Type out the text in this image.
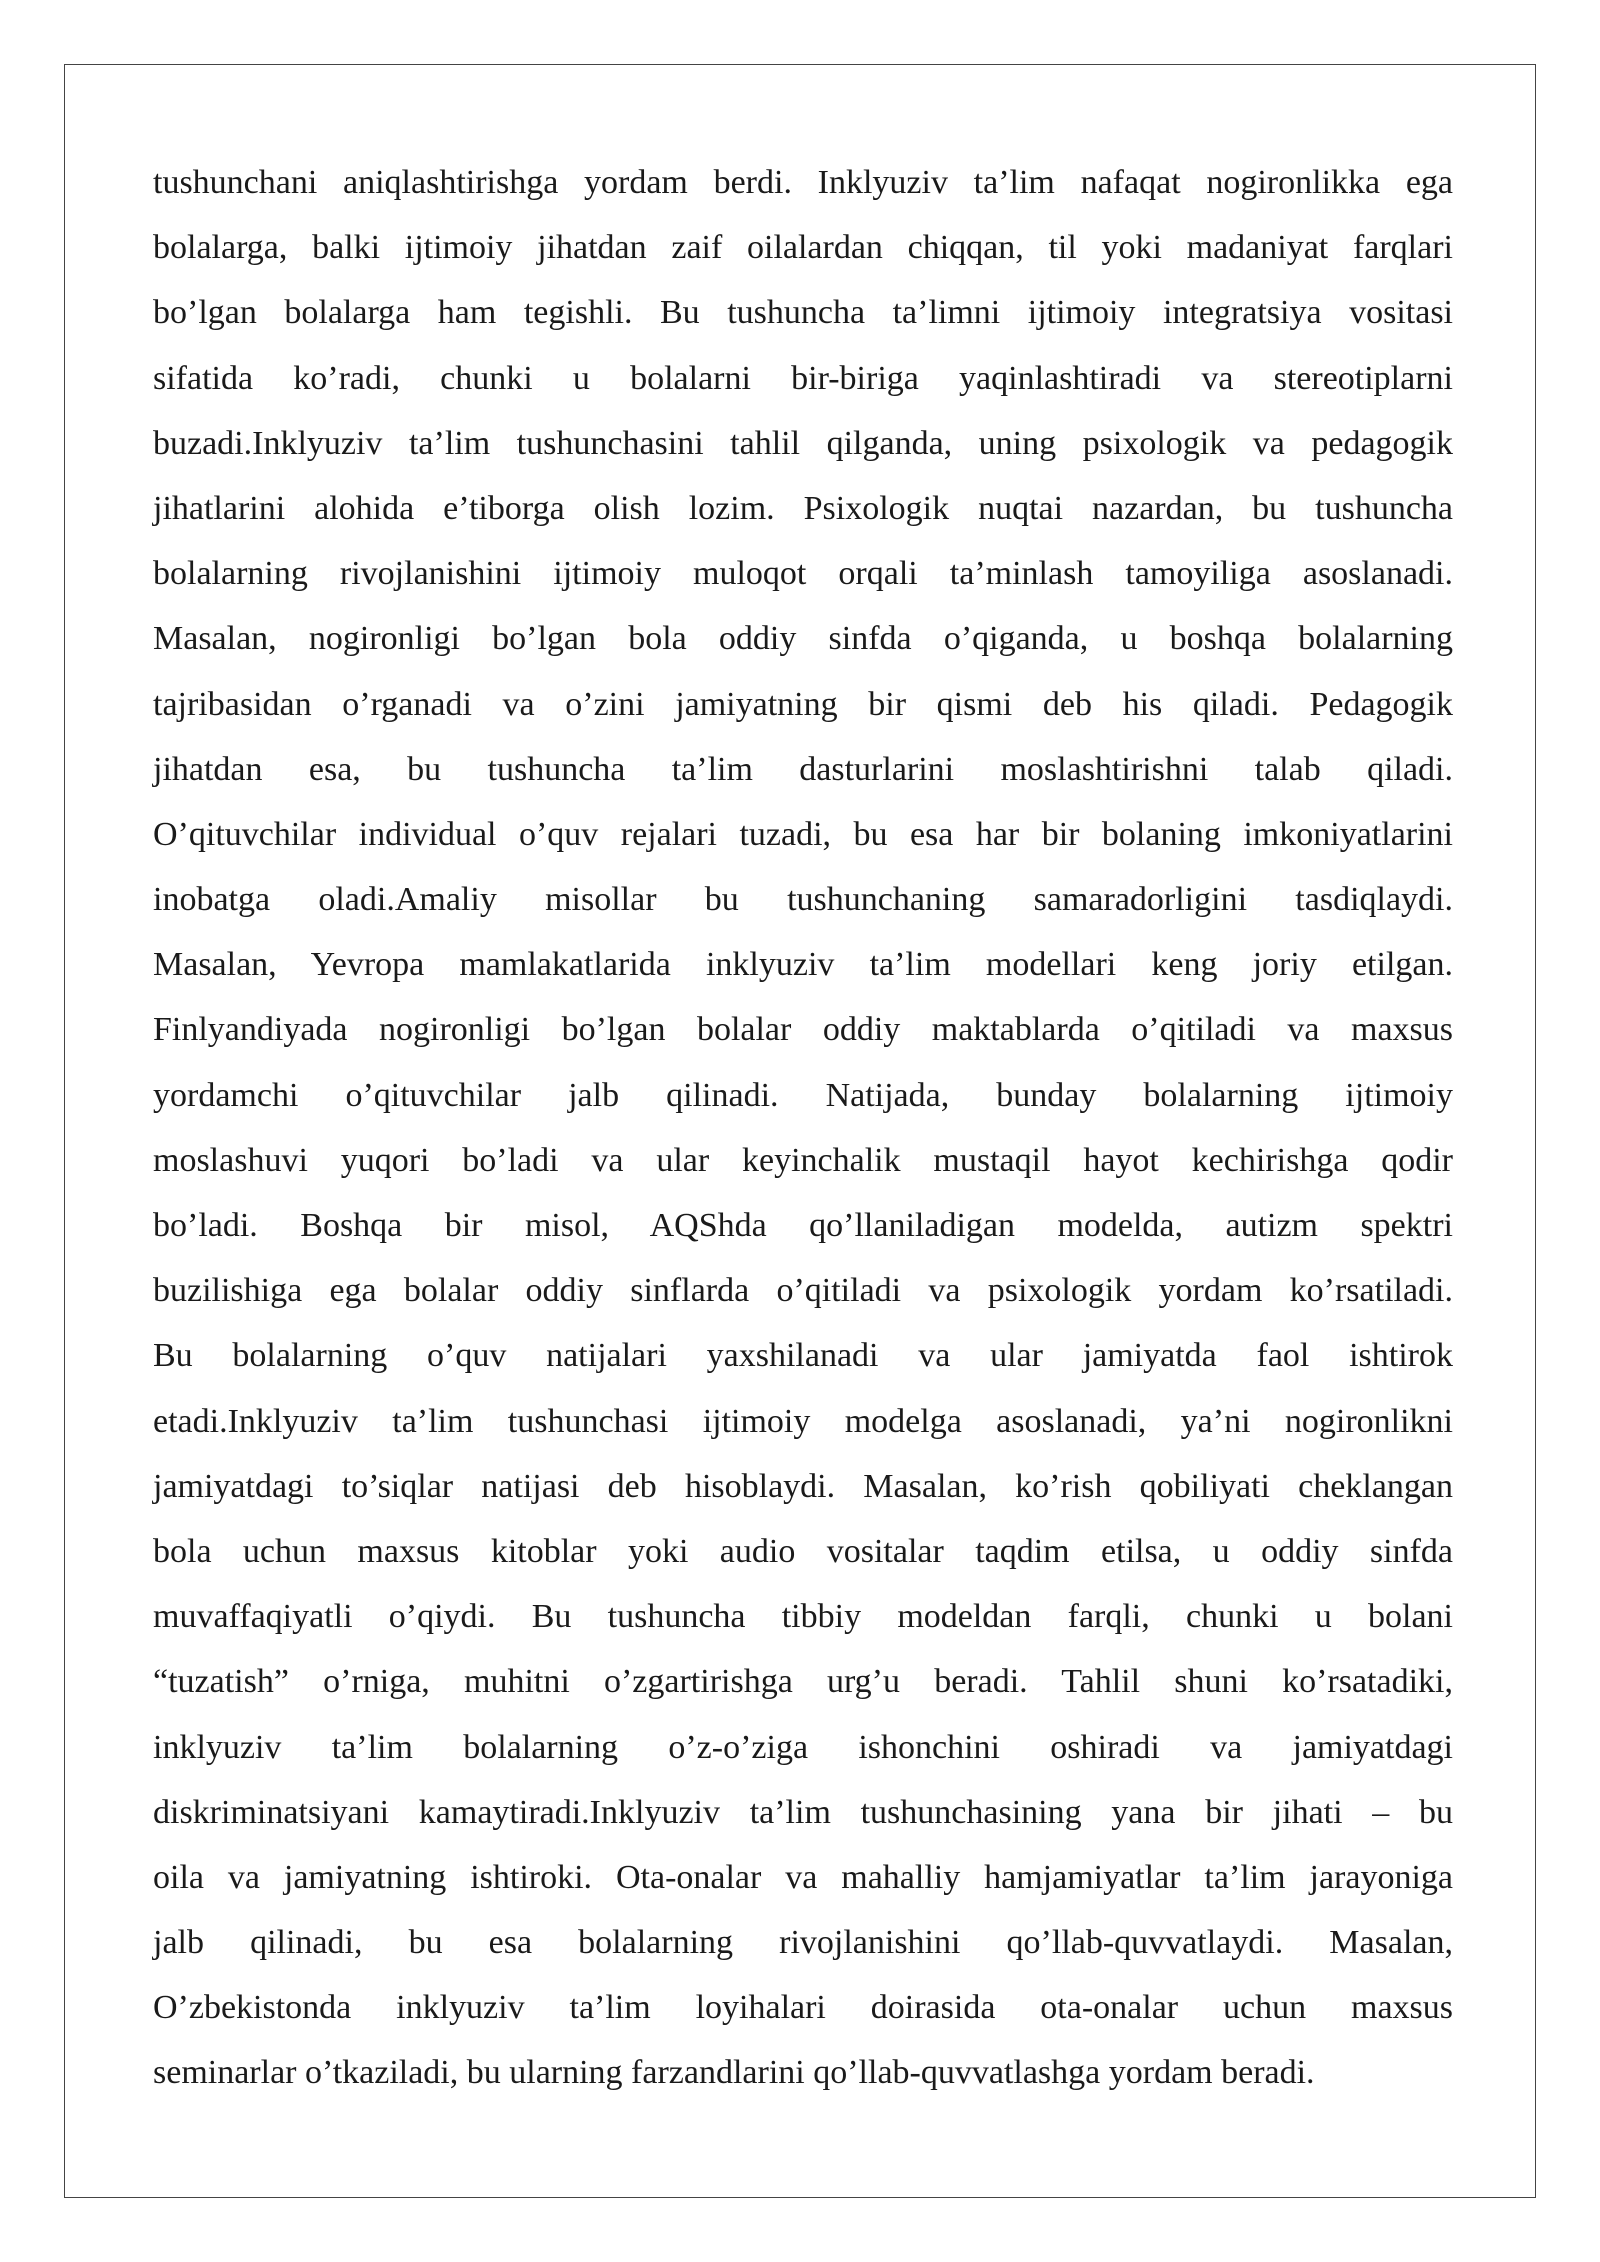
tushunchani aniqlashtirishga yordam berdi. Inklyuziv ta’lim nafaqat nogironlikka ega
bolalarga, balki ijtimoiy jihatdan zaif oilalardan chiqqan, til yoki madaniyat farqlari
bo’lgan bolalarga ham tegishli. Bu tushuncha ta’limni ijtimoiy integratsiya vositasi
sifatida ko’radi, chunki u bolalarni bir-biriga yaqinlashtiradi va stereotiplarni
buzadi.Inklyuziv ta’lim tushunchasini tahlil qilganda, uning psixologik va pedagogik
jihatlarini alohida e’tiborga olish lozim. Psixologik nuqtai nazardan, bu tushuncha
bolalarning rivojlanishini ijtimoiy muloqot orqali ta’minlash tamoyiliga asoslanadi.
Masalan, nogironligi bo’lgan bola oddiy sinfda o’qiganda, u boshqa bolalarning
tajribasidan o’rganadi va o’zini jamiyatning bir qismi deb his qiladi. Pedagogik
jihatdan esa, bu tushuncha ta’lim dasturlarini moslashtirishni talab qiladi.
O’qituvchilar individual o’quv rejalari tuzadi, bu esa har bir bolaning imkoniyatlarini
inobatga oladi.Amaliy misollar bu tushunchaning samaradorligini tasdiqlaydi.
Masalan, Yevropa mamlakatlarida inklyuziv ta’lim modellari keng joriy etilgan.
Finlyandiyada nogironligi bo’lgan bolalar oddiy maktablarda o’qitiladi va maxsus
yordamchi o’qituvchilar jalb qilinadi. Natijada, bunday bolalarning ijtimoiy
moslashuvi yuqori bo’ladi va ular keyinchalik mustaqil hayot kechirishga qodir
bo’ladi. Boshqa bir misol, AQShda qo’llaniladigan modelda, autizm spektri
buzilishiga ega bolalar oddiy sinflarda o’qitiladi va psixologik yordam ko’rsatiladi.
Bu bolalarning o’quv natijalari yaxshilanadi va ular jamiyatda faol ishtirok
etadi.Inklyuziv ta’lim tushunchasi ijtimoiy modelga asoslanadi, ya’ni nogironlikni
jamiyatdagi to’siqlar natijasi deb hisoblaydi. Masalan, ko’rish qobiliyati cheklangan
bola uchun maxsus kitoblar yoki audio vositalar taqdim etilsa, u oddiy sinfda
muvaffaqiyatli o’qiydi. Bu tushuncha tibbiy modeldan farqli, chunki u bolani
“tuzatish” o’rniga, muhitni o’zgartirishga urg’u beradi. Tahlil shuni ko’rsatadiki,
inklyuziv ta’lim bolalarning o’z-o’ziga ishonchini oshiradi va jamiyatdagi
diskriminatsiyani kamaytiradi.Inklyuziv ta’lim tushunchasining yana bir jihati – bu
oila va jamiyatning ishtiroki. Ota-onalar va mahalliy hamjamiyatlar ta’lim jarayoniga
jalb qilinadi, bu esa bolalarning rivojlanishini qo’llab-quvvatlaydi. Masalan,
O’zbekistonda inklyuziv ta’lim loyihalari doirasida ota-onalar uchun maxsus
seminarlar o’tkaziladi, bu ularning farzandlarini qo’llab-quvvatlashga yordam beradi.
